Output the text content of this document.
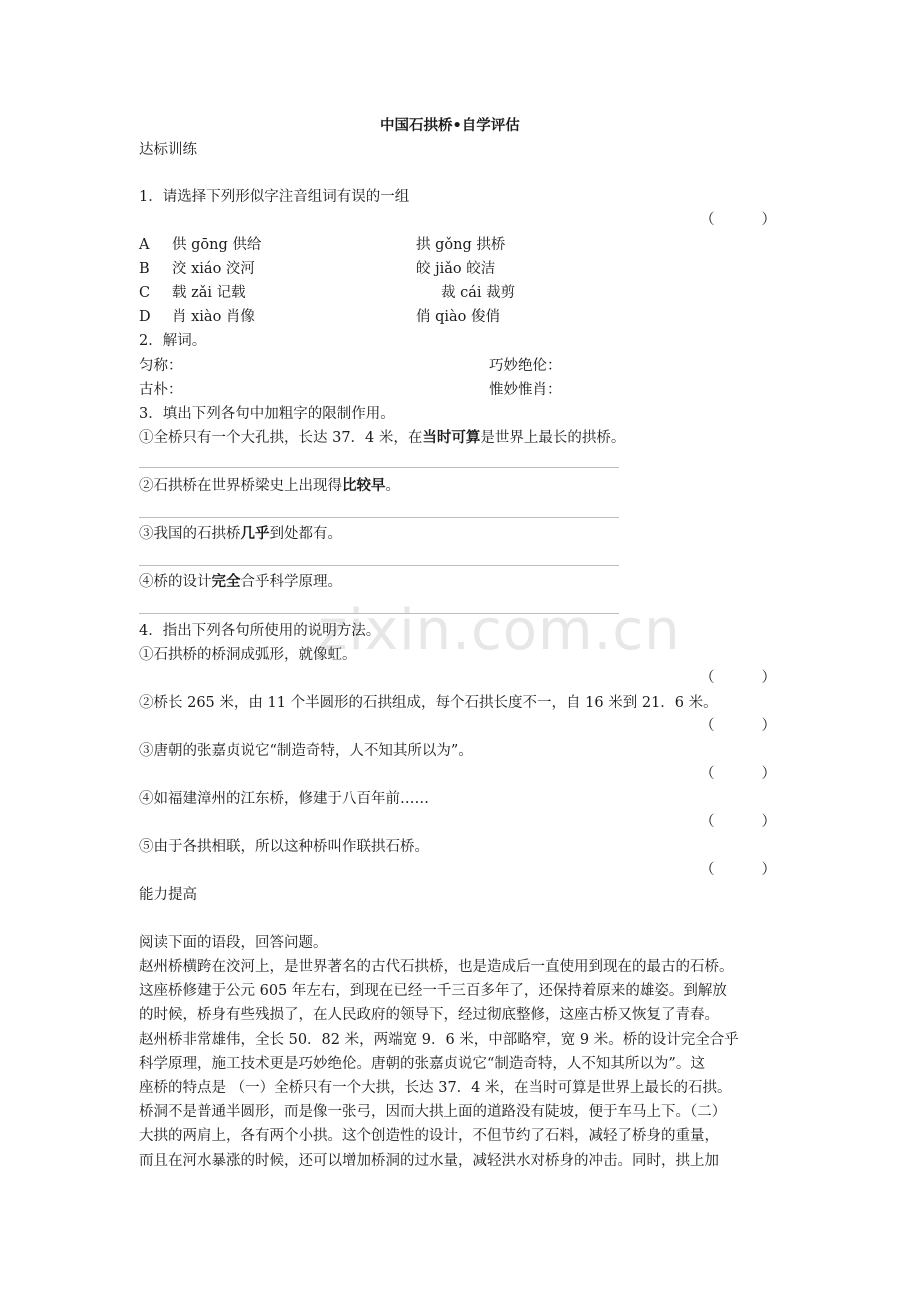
zixin.com.cn
中国石拱桥•自学评估
达标训练
1．请选择下列形似字注音组词有误的一组
（	）
A 供 gōng 供给	拱 gǒng 拱桥
B 洨 xiáo 洨河	皎 jiǎo 皎洁
C 载 zǎi 记载	裁 cái 裁剪
D 肖 xiào 肖像	俏 qiào 俊俏
2．解词。
匀称：	巧妙绝伦：
古朴：	惟妙惟肖：
3．填出下列各句中加粗字的限制作用。
①全桥只有一个大孔拱，长达 37．4 米，在当时可算是世界上最长的拱桥。
②石拱桥在世界桥梁史上出现得比较早。
③我国的石拱桥几乎到处都有。
④桥的设计完全合乎科学原理。
4．指出下列各句所使用的说明方法。
①石拱桥的桥洞成弧形，就像虹。
（	）
②桥长 265 米，由 11 个半圆形的石拱组成，每个石拱长度不一，自 16 米到 21．6 米。
（	）
③唐朝的张嘉贞说它“制造奇特，人不知其所以为”。
（	）
④如福建漳州的江东桥，修建于八百年前……
（	）
⑤由于各拱相联，所以这种桥叫作联拱石桥。
（	）
能力提高
阅读下面的语段，回答问题。
赵州桥横跨在洨河上，是世界著名的古代石拱桥，也是造成后一直使用到现在的最古的石桥。
这座桥修建于公元 605 年左右，到现在已经一千三百多年了，还保持着原来的雄姿。到解放
的时候，桥身有些残损了，在人民政府的领导下，经过彻底整修，这座古桥又恢复了青春。
赵州桥非常雄伟，全长 50．82 米，两端宽 9．6 米，中部略窄，宽 9 米。桥的设计完全合乎
科学原理，施工技术更是巧妙绝伦。唐朝的张嘉贞说它“制造奇特，人不知其所以为”。这
座桥的特点是 （一）全桥只有一个大拱，长达 37．4 米，在当时可算是世界上最长的石拱。
桥洞不是普通半圆形，而是像一张弓，因而大拱上面的道路没有陡坡，便于车马上下。（二）
大拱的两肩上，各有两个小拱。这个创造性的设计，不但节约了石料，减轻了桥身的重量，
而且在河水暴涨的时候，还可以增加桥洞的过水量，减轻洪水对桥身的冲击。同时，拱上加
